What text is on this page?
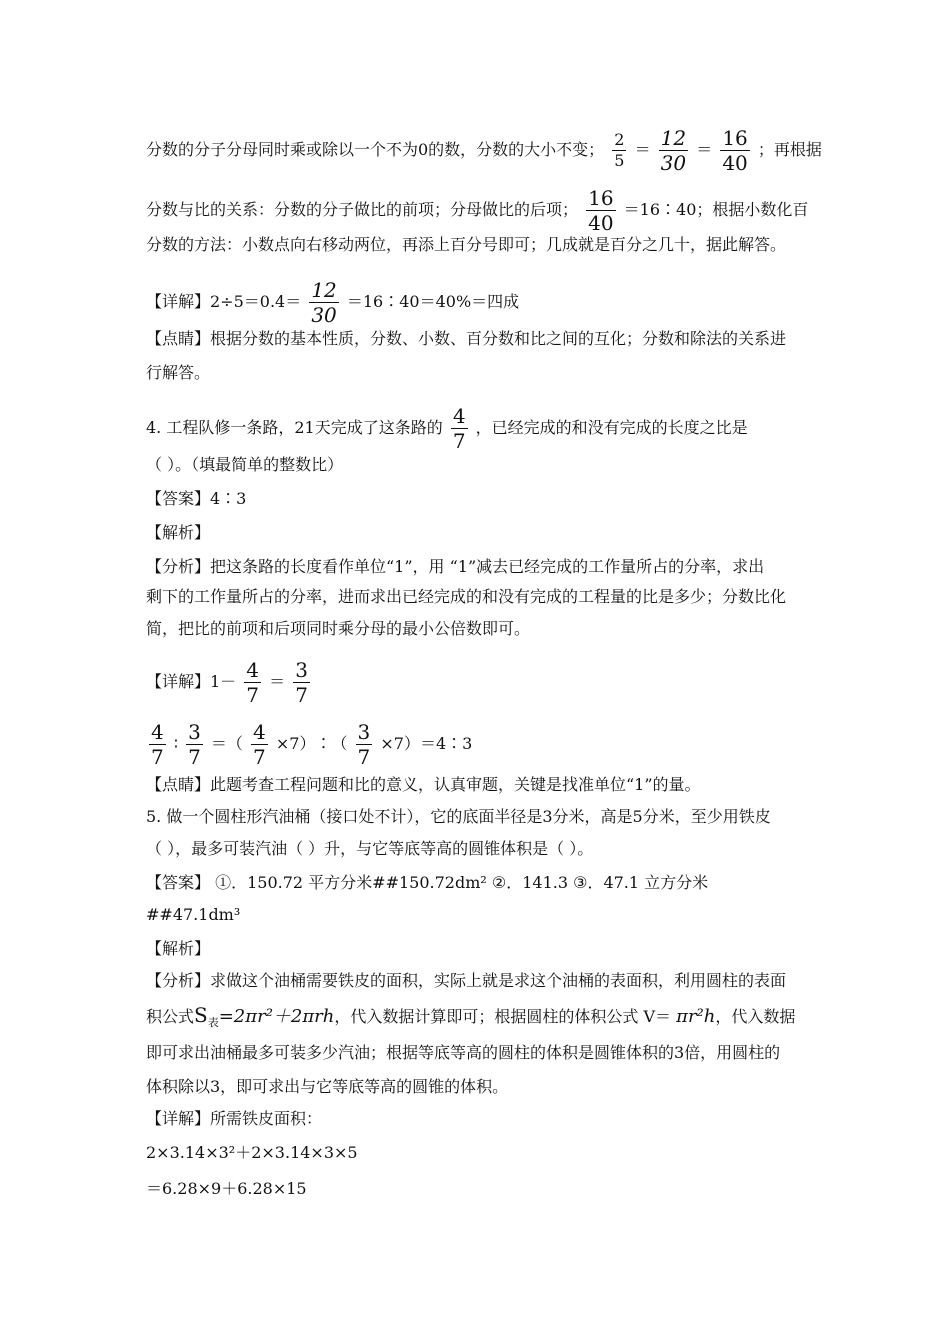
分数的分子分母同时乘或除以一个不为0的数，分数的大小不变； $\frac{2}{5} = \frac{12}{30} = \frac{16}{40}$ ；再根据
分数与比的关系：分数的分子做比的前项；分母做比的后项； $\frac{16}{40}$ ＝16∶40；根据小数化百
分数的方法：小数点向右移动两位，再添上百分号即可；几成就是百分之几十，据此解答。
【详解】$2\div 5=0.4= \frac{12}{30}$ ＝16∶40＝40%＝四成
【点睛】根据分数的基本性质，分数、小数、百分数和比之间的互化；分数和除法的关系进
行解答。
4. 工程队修一条路，21天完成了这条路的 $\frac{4}{7}$ ，已经完成的和没有完成的长度之比是
（ ）。（填最简单的整数比）
【答案】4∶3
【解析】
【分析】把这条路的长度看作单位“1”，用 “1”减去已经完成的工作量所占的分率，求出
剩下的工作量所占的分率，进而求出已经完成的和没有完成的工程量的比是多少；分数比化
简，把比的前项和后项同时乘分母的最小公倍数即可。
【详解】$1- \frac{4}{7} = \frac{3}{7}$
$\frac{4}{7}$ ∶ $\frac{3}{7}$ ＝（ $\frac{4}{7}$ ×7）∶（ $\frac{3}{7}$ ×7）＝4∶3
【点睛】此题考查工程问题和比的意义，认真审题，关键是找准单位“1”的量。
5. 做一个圆柱形汽油桶（接口处不计），它的底面半径是3分米，高是5分米，至少用铁皮
（ ），最多可装汽油（ ）升，与它等底等高的圆锥体积是（ ）。
【答案】 ①．150.72 平方分米##150.72dm² ②．141.3 ③．47.1 立方分米
##47.1dm³
【解析】
【分析】求做这个油桶需要铁皮的面积，实际上就是求这个油桶的表面积，利用圆柱的表面
积公式$S_表=2\pi r^2+2\pi rh$，代入数据计算即可；根据圆柱的体积公式 V＝ πr²h，代入数据
即可求出油桶最多可装多少汽油；根据等底等高的圆柱的体积是圆锥体积的3倍，用圆柱的
体积除以3，即可求出与它等底等高的圆锥的体积。
【详解】所需铁皮面积：
2×3.14×3²＋2×3.14×3×5
＝6.28×9＋6.28×15
